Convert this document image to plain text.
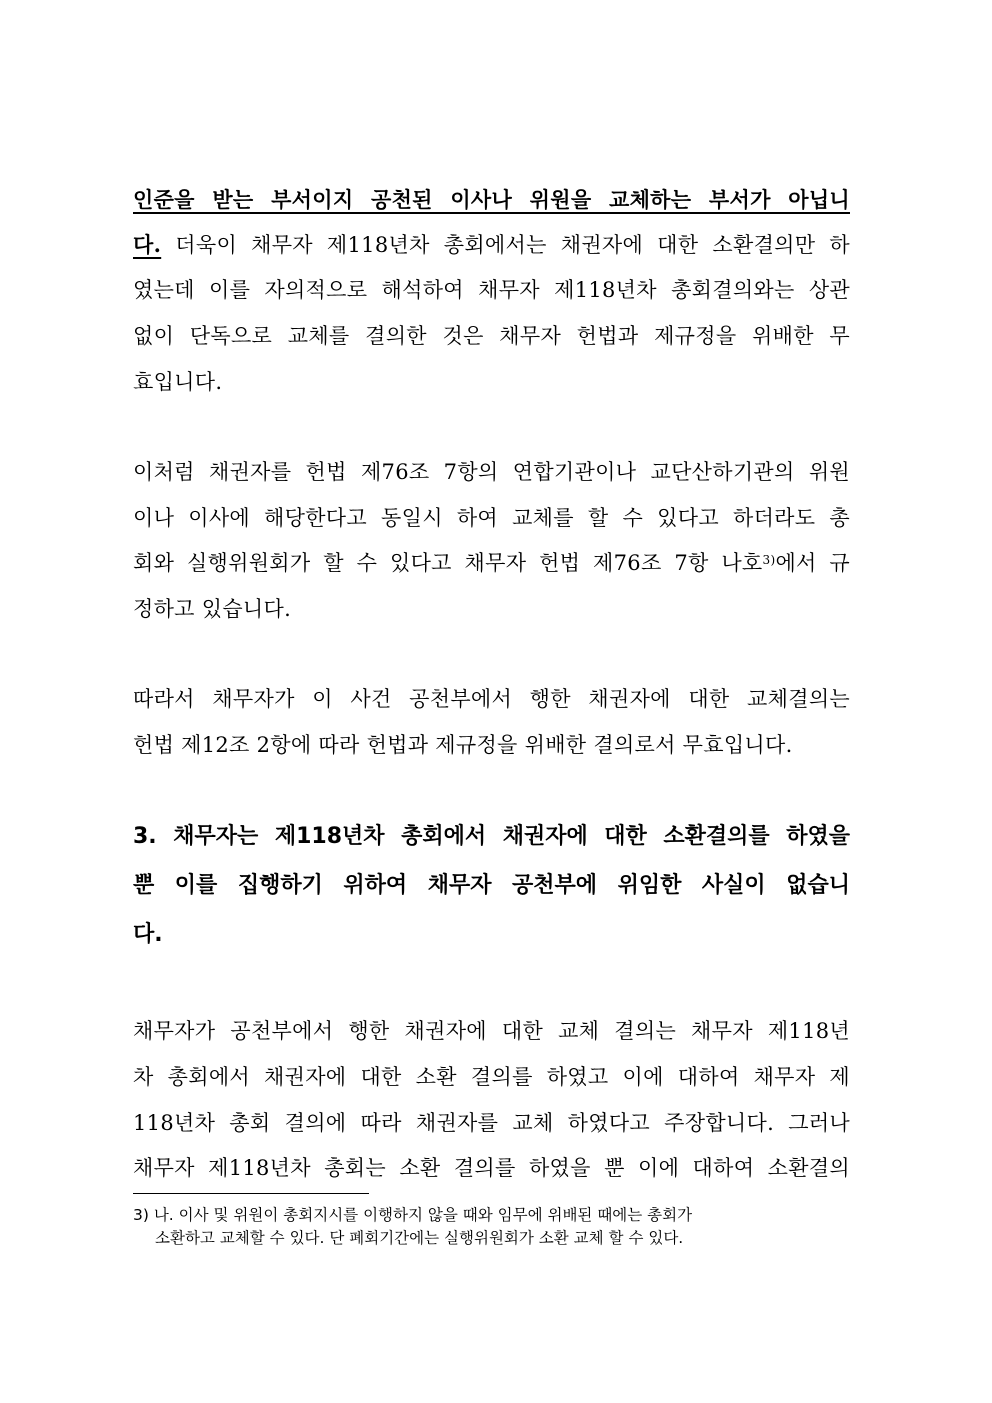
인준을 받는 부서이지 공천된 이사나 위원을 교체하는 부서가 아닙니
다. 더욱이 채무자 제118년차 총회에서는 채권자에 대한 소환결의만 하
였는데 이를 자의적으로 해석하여 채무자 제118년차 총회결의와는 상관
없이 단독으로 교체를 결의한 것은 채무자 헌법과 제규정을 위배한 무
효입니다.
이처럼 채권자를 헌법 제76조 7항의 연합기관이나 교단산하기관의 위원
이나 이사에 해당한다고 동일시 하여 교체를 할 수 있다고 하더라도 총
회와 실행위원회가 할 수 있다고 채무자 헌법 제76조 7항 나호$^{3)}$에서 규
정하고 있습니다.
따라서 채무자가 이 사건 공천부에서 행한 채권자에 대한 교체결의는
헌법 제12조 2항에 따라 헌법과 제규정을 위배한 결의로서 무효입니다.
3. 채무자는 제118년차 총회에서 채권자에 대한 소환결의를 하였을
뿐 이를 집행하기 위하여 채무자 공천부에 위임한 사실이 없습니
다.
채무자가 공천부에서 행한 채권자에 대한 교체 결의는 채무자 제118년
차 총회에서 채권자에 대한 소환 결의를 하였고 이에 대하여 채무자 제
118년차 총회 결의에 따라 채권자를 교체 하였다고 주장합니다. 그러나
채무자 제118년차 총회는 소환 결의를 하였을 뿐 이에 대하여 소환결의
3) 나. 이사 및 위원이 총회지시를 이행하지 않을 때와 임무에 위배된 때에는 총회가
소환하고 교체할 수 있다. 단 폐회기간에는 실행위원회가 소환 교체 할 수 있다.
